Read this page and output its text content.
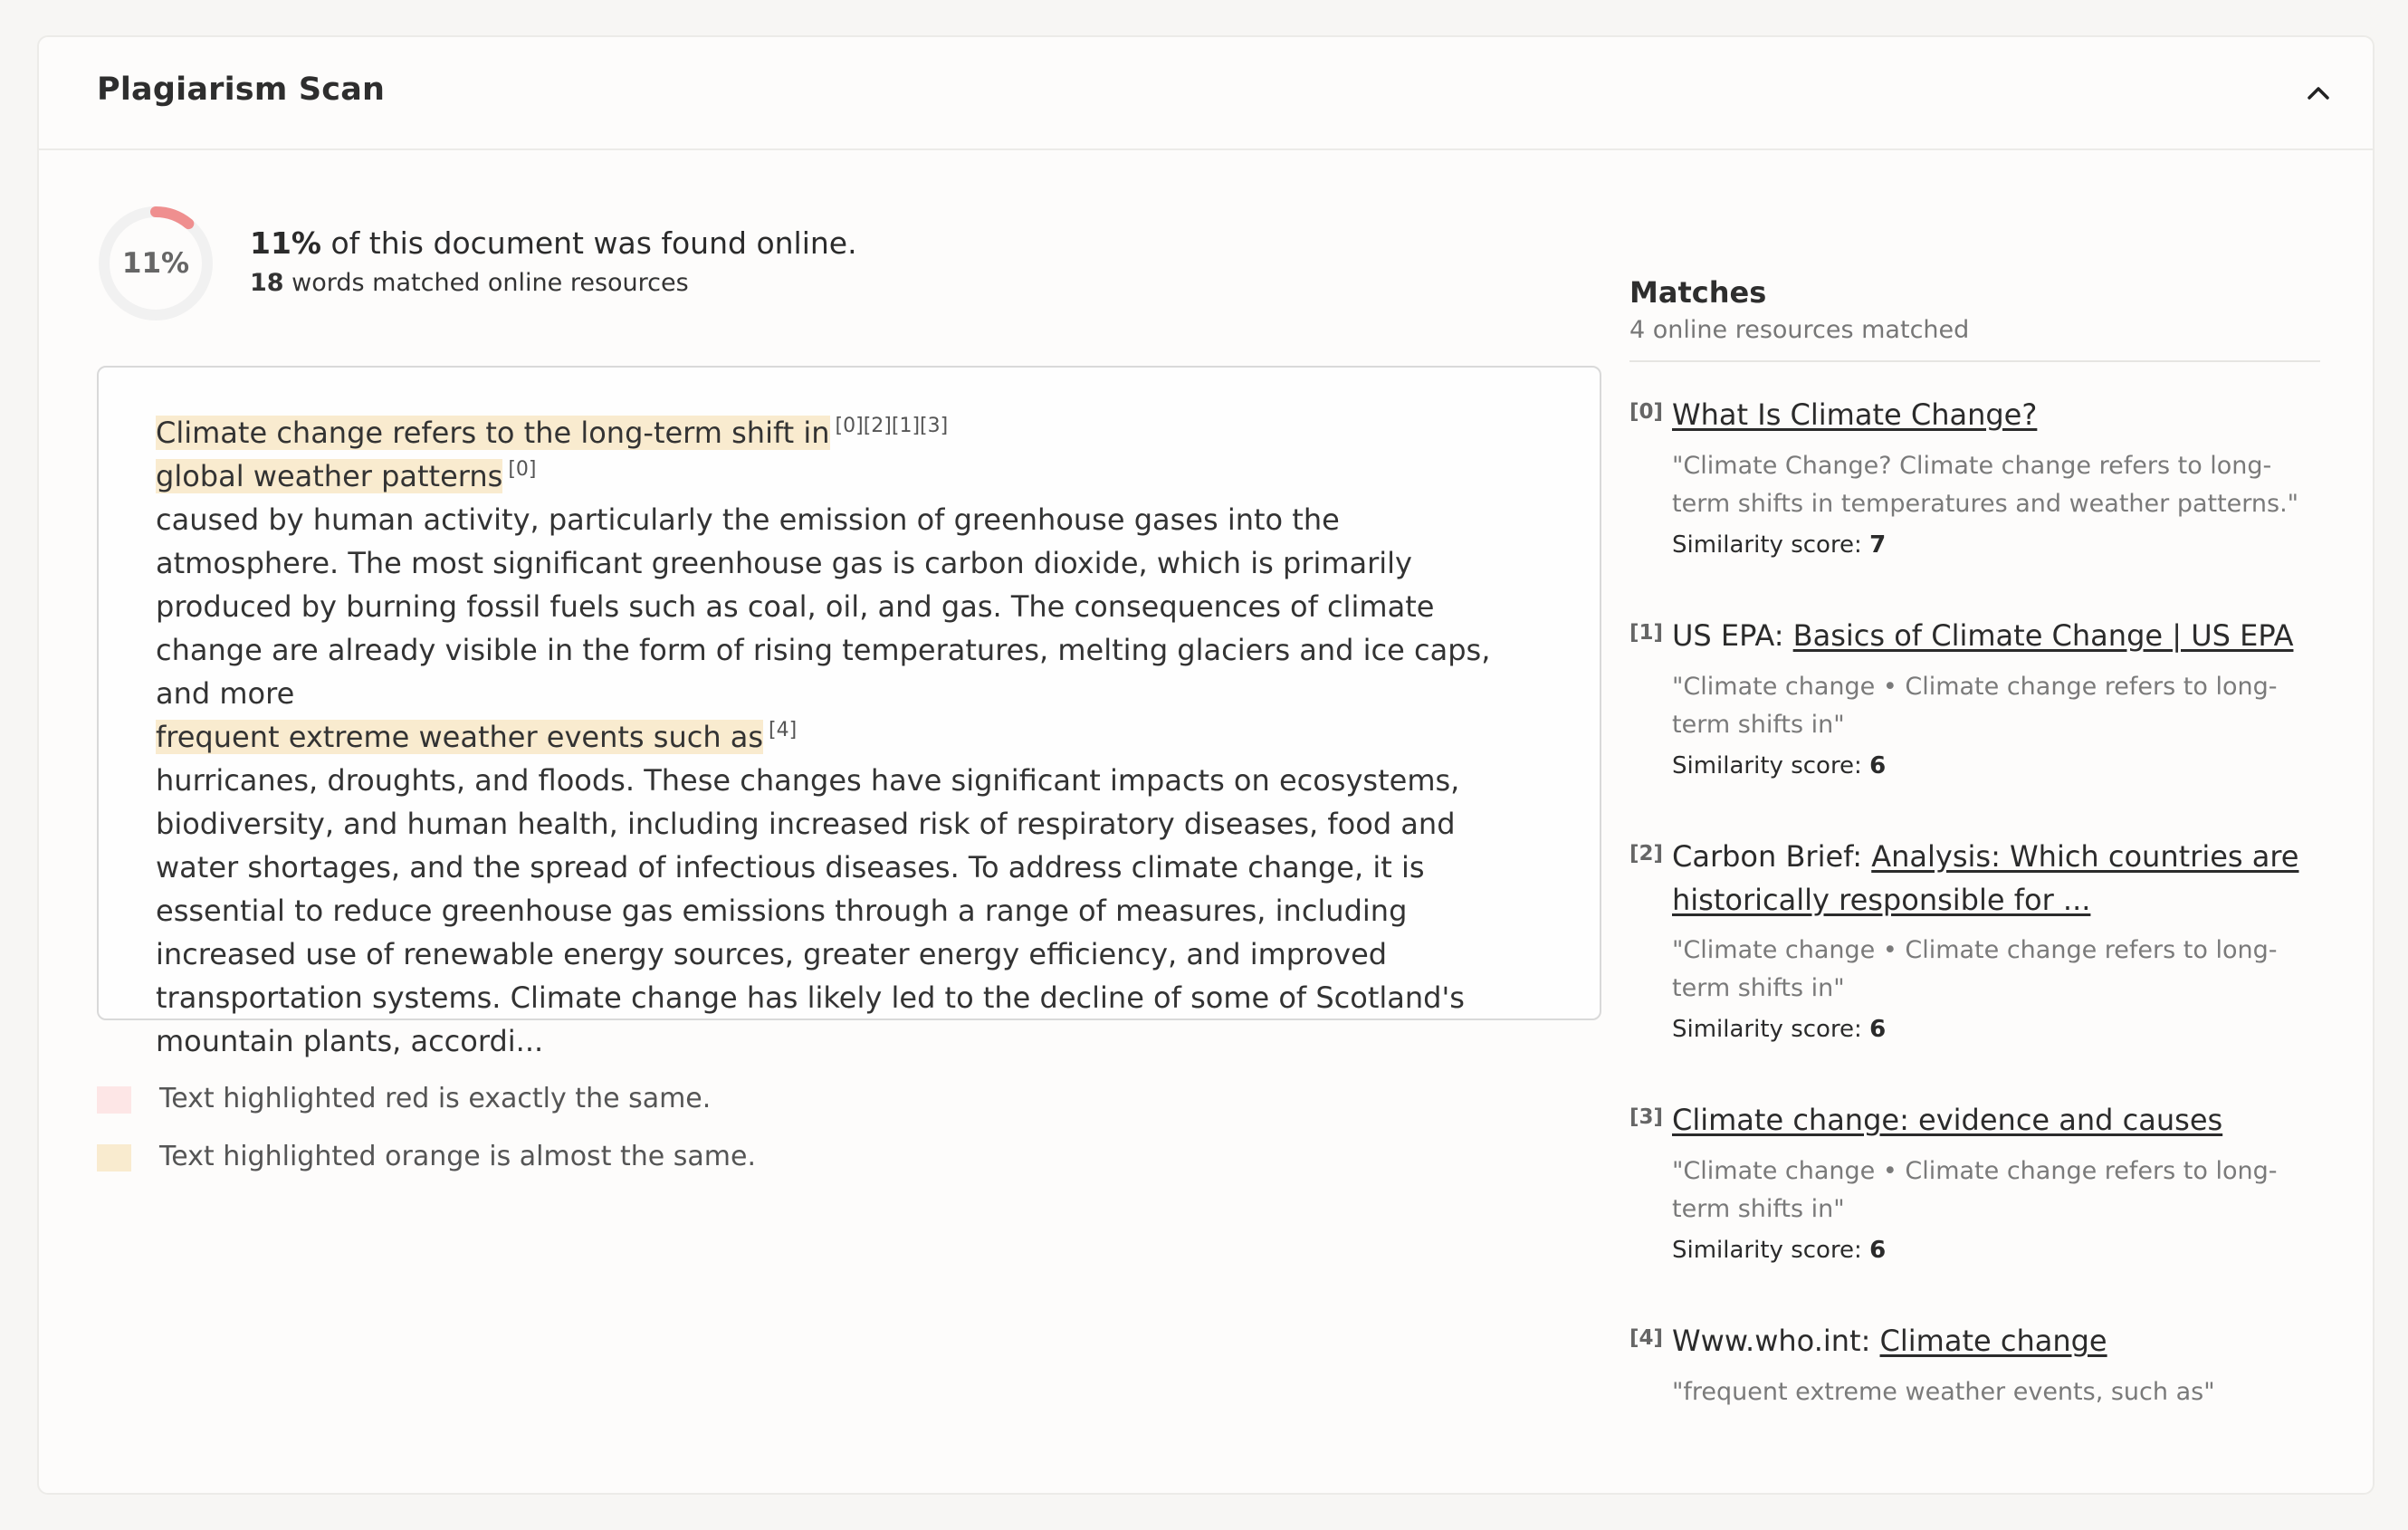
Plagiarism Scan
11%
11% of this document was found online.
18 words matched online resources
Climate change refers to the long-term shift in [0][2][1][3]
global weather patterns [0]
caused by human activity, particularly the emission of greenhouse gases into the atmosphere. The most significant greenhouse gas is carbon dioxide, which is primarily produced by burning fossil fuels such as coal, oil, and gas. The consequences of climate change are already visible in the form of rising temperatures, melting glaciers and ice caps, and more
frequent extreme weather events such as [4]
hurricanes, droughts, and floods. These changes have significant impacts on ecosystems, biodiversity, and human health, including increased risk of respiratory diseases, food and water shortages, and the spread of infectious diseases. To address climate change, it is essential to reduce greenhouse gas emissions through a range of measures, including increased use of renewable energy sources, greater energy efficiency, and improved transportation systems. Climate change has likely led to the decline of some of Scotland's mountain plants, accordi...
Text highlighted red is exactly the same.
Text highlighted orange is almost the same.
Matches
4 online resources matched
[0] What Is Climate Change?
"Climate Change? Climate change refers to long-term shifts in temperatures and weather patterns."
Similarity score: 7
[1] US EPA: Basics of Climate Change | US EPA
"Climate change • Climate change refers to long-term shifts in"
Similarity score: 6
[2] Carbon Brief: Analysis: Which countries are historically responsible for ...
"Climate change • Climate change refers to long-term shifts in"
Similarity score: 6
[3] Climate change: evidence and causes
"Climate change • Climate change refers to long-term shifts in"
Similarity score: 6
[4] Www.who.int: Climate change
"frequent extreme weather events, such as"
